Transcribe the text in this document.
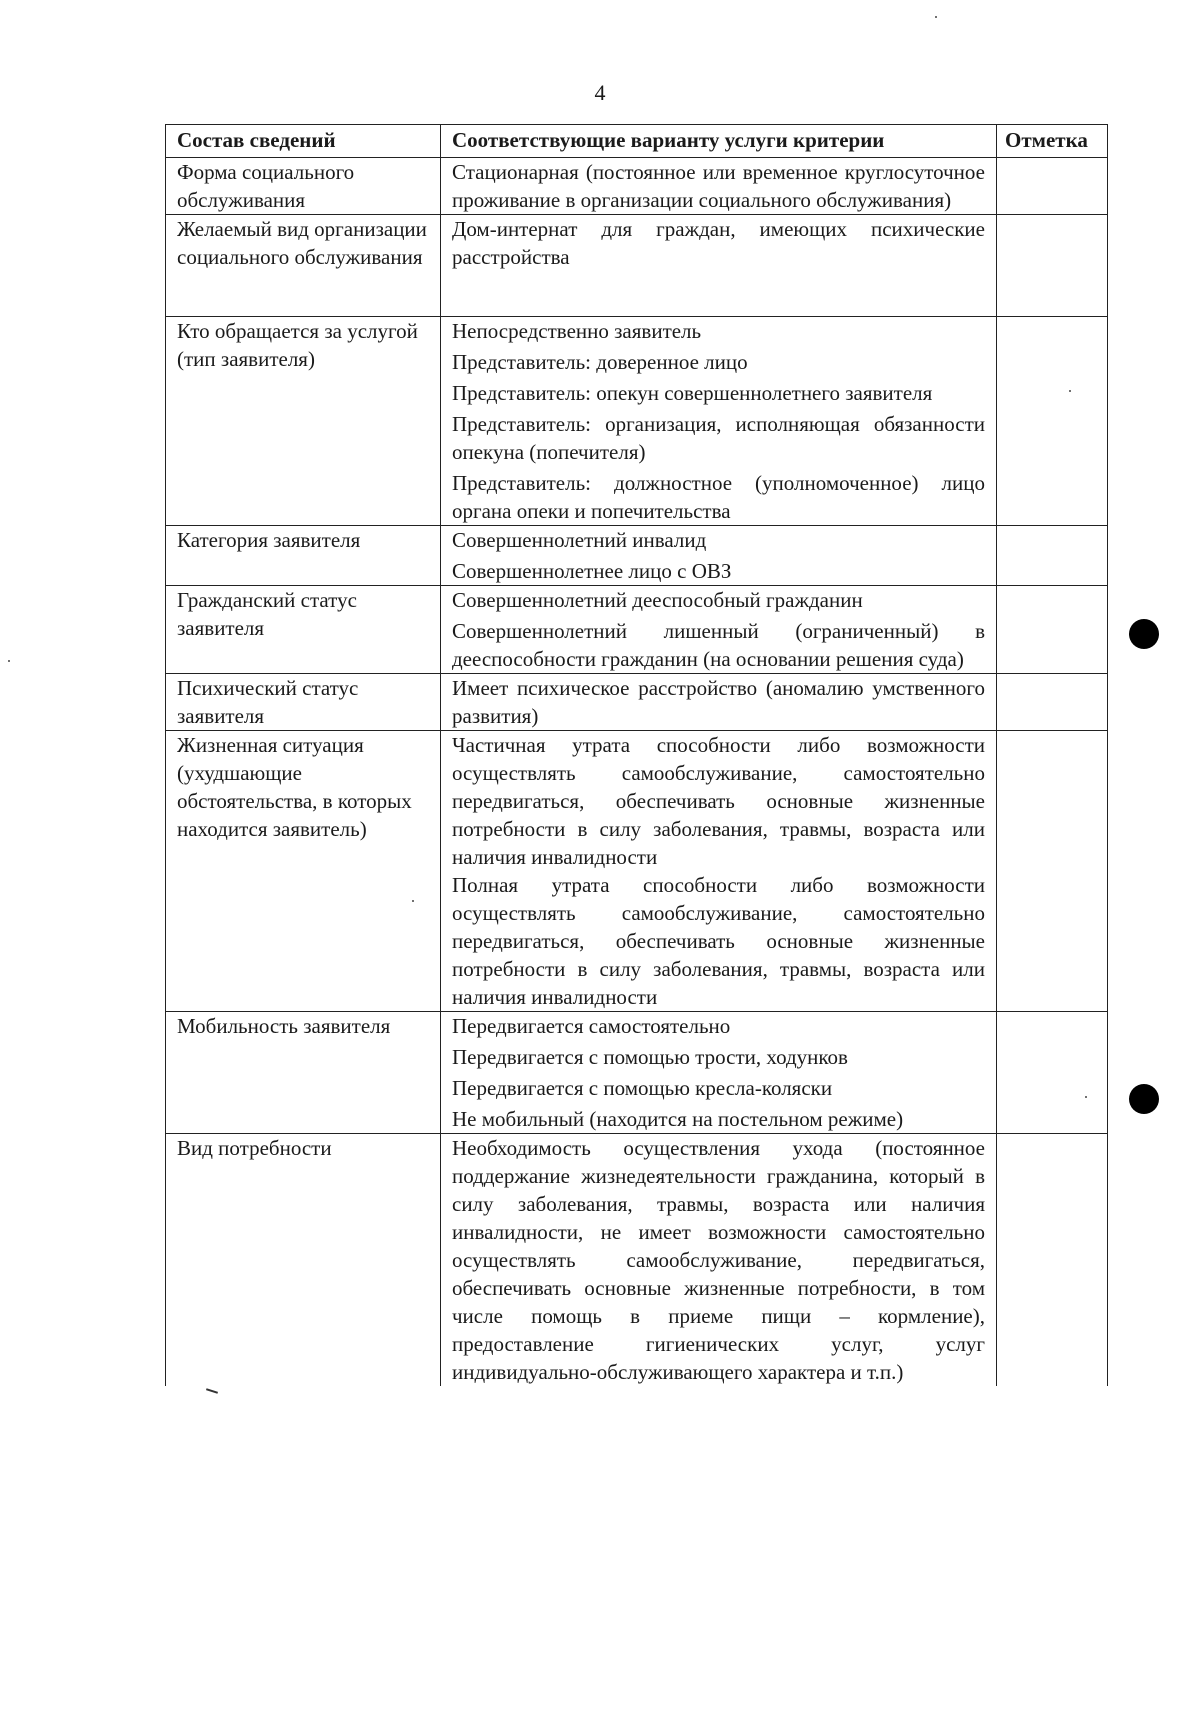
4
Состав сведений	Соответствующие варианту услуги критерии	Отметка
Форма социального обслуживания	Стационарная (постоянное или временное круглосуточное проживание в организации социального обслуживания)	

Желаемый вид организации социального обслуживания	Дом-интернат для граждан, имеющих психические расстройства	

Кто обращается за услугой (тип заявителя)	Непосредственно заявитель

Представитель: доверенное лицо

Представитель: опекун совершеннолетнего заявителя

Представитель: организация, исполняющая обязанности опекуна (попечителя)

Представитель: должностное (уполномоченное) лицо органа опеки и попечительства	

Категория заявителя	Совершеннолетний инвалид

Совершеннолетнее лицо с ОВЗ	

Гражданский статус заявителя	Совершеннолетний дееспособный гражданин

Совершеннолетний лишенный (ограниченный) в дееспособности гражданин (на основании решения суда)	

Психический статус заявителя	Имеет психическое расстройство (аномалию умственного развития)	

Жизненная ситуация (ухудшающие обстоятельства, в которых находится заявитель)	Частичная утрата способности либо возможности осуществлять самообслуживание, самостоятельно передвигаться, обеспечивать основные жизненные потребности в силу заболевания, травмы, возраста или наличия инвалидности

Полная утрата способности либо возможности осуществлять самообслуживание, самостоятельно передвигаться, обеспечивать основные жизненные потребности в силу заболевания, травмы, возраста или наличия инвалидности	

Мобильность заявителя	Передвигается самостоятельно

Передвигается с помощью трости, ходунков

Передвигается с помощью кресла-коляски

Не мобильный (находится на постельном режиме)	

Вид потребности	Необходимость осуществления ухода (постоянное поддержание жизнедеятельности гражданина, который в силу заболевания, травмы, возраста или наличия инвалидности, не имеет возможности самостоятельно осуществлять самообслуживание, передвигаться, обеспечивать основные жизненные потребности, в том числе помощь в приеме пищи – кормление), предоставление гигиенических услуг, услуг индивидуально-обслуживающего характера и т.п.)	
